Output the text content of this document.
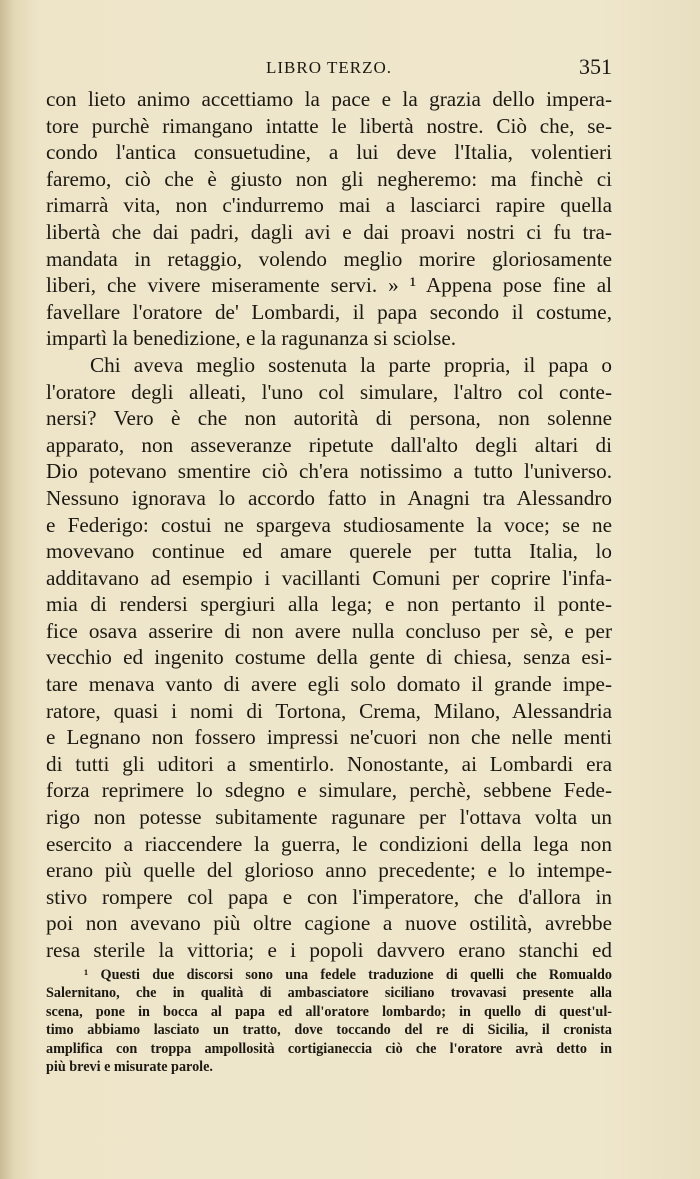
LIBRO TERZO.	351
con lieto animo accettiamo la pace e la grazia dello impera-
tore purchè rimangano intatte le libertà nostre. Ciò che, se-
condo l'antica consuetudine, a lui deve l'Italia, volentieri
faremo, ciò che è giusto non gli negheremo: ma finchè ci
rimarrà vita, non c'indurremo mai a lasciarci rapire quella
libertà che dai padri, dagli avi e dai proavi nostri ci fu tra-
mandata in retaggio, volendo meglio morire gloriosamente
liberi, che vivere miseramente servi. » ¹ Appena pose fine al
favellare l'oratore de' Lombardi, il papa secondo il costume,
impartì la benedizione, e la ragunanza si sciolse.
Chi aveva meglio sostenuta la parte propria, il papa o
l'oratore degli alleati, l'uno col simulare, l'altro col conte-
nersi? Vero è che non autorità di persona, non solenne
apparato, non asseveranze ripetute dall'alto degli altari di
Dio potevano smentire ciò ch'era notissimo a tutto l'universo.
Nessuno ignorava lo accordo fatto in Anagni tra Alessandro
e Federigo: costui ne spargeva studiosamente la voce; se ne
movevano continue ed amare querele per tutta Italia, lo
additavano ad esempio i vacillanti Comuni per coprire l'infa-
mia di rendersi spergiuri alla lega; e non pertanto il ponte-
fice osava asserire di non avere nulla concluso per sè, e per
vecchio ed ingenito costume della gente di chiesa, senza esi-
tare menava vanto di avere egli solo domato il grande impe-
ratore, quasi i nomi di Tortona, Crema, Milano, Alessandria
e Legnano non fossero impressi ne'cuori non che nelle menti
di tutti gli uditori a smentirlo. Nonostante, ai Lombardi era
forza reprimere lo sdegno e simulare, perchè, sebbene Fede-
rigo non potesse subitamente ragunare per l'ottava volta un
esercito a riaccendere la guerra, le condizioni della lega non
erano più quelle del glorioso anno precedente; e lo intempe-
stivo rompere col papa e con l'imperatore, che d'allora in
poi non avevano più oltre cagione a nuove ostilità, avrebbe
resa sterile la vittoria; e i popoli davvero erano stanchi ed
¹ Questi due discorsi sono una fedele traduzione di quelli che Romualdo
Salernitano, che in qualità di ambasciatore siciliano trovavasi presente alla
scena, pone in bocca al papa ed all'oratore lombardo; in quello di quest'ul-
timo abbiamo lasciato un tratto, dove toccando del re di Sicilia, il cronista
amplifica con troppa ampollosità cortigianeccia ciò che l'oratore avrà detto in
più brevi e misurate parole.
